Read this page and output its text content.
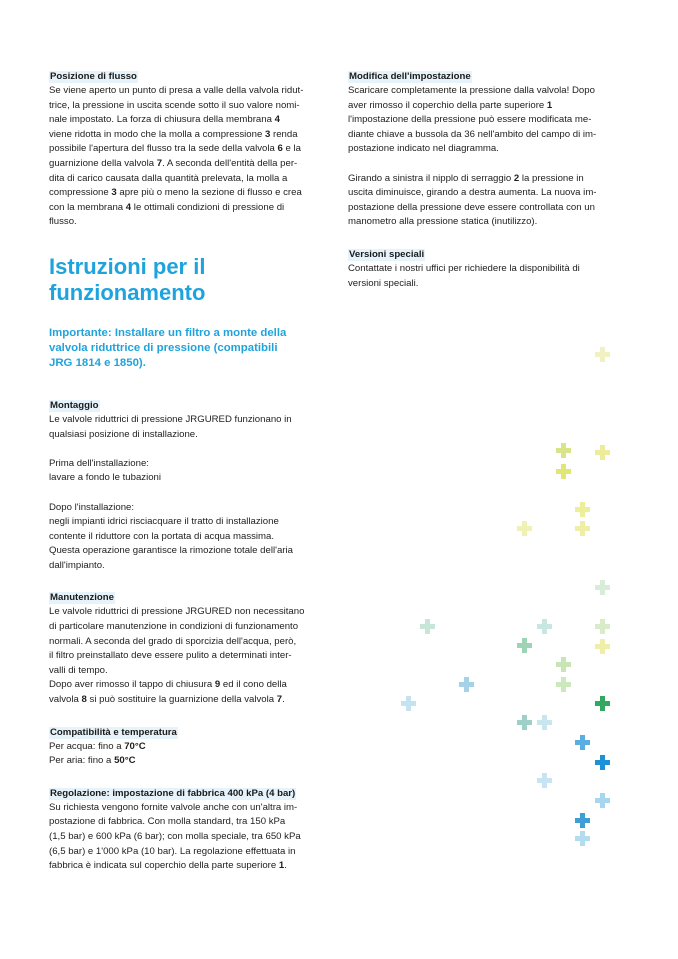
Posizione di flusso

Se viene aperto un punto di presa a valle della valvola ridut-

trice, la pressione in uscita scende sotto il suo valore nomi-

nale impostato. La forza di chiusura della membrana 4

viene ridotta in modo che la molla a compressione 3 renda

possibile l'apertura del flusso tra la sede della valvola 6 e la

guarnizione della valvola 7. A seconda dell'entità della per-

dita di carico causata dalla quantità prelevata, la molla a

compressione 3 apre più o meno la sezione di flusso e crea

con la membrana 4 le ottimali condizioni di pressione di

flusso.

Istruzioni per il
funzionamento
Importante: Installare un filtro a monte della
valvola riduttrice di pressione (compatibili
JRG 1814 e 1850).
Montaggio

Le valvole riduttrici di pressione JRGURED funzionano in

qualsiasi posizione di installazione.

Prima dell'installazione:

lavare a fondo le tubazioni

Dopo l'installazione:

negli impianti idrici risciacquare il tratto di installazione

contente il riduttore con la portata di acqua massima.

Questa operazione garantisce la rimozione totale dell'aria

dall'impianto.

Manutenzione

Le valvole riduttrici di pressione JRGURED non necessitano

di particolare manutenzione in condizioni di funzionamento

normali. A seconda del grado di sporcizia dell'acqua, però,

il filtro preinstallato deve essere pulito a determinati inter-

valli di tempo.

Dopo aver rimosso il tappo di chiusura 9 ed il cono della

valvola 8 si può sostituire la guarnizione della valvola 7.

Compatibilità e temperatura

Per acqua: fino a 70°C

Per aria: fino a 50°C

Regolazione: impostazione di fabbrica 400 kPa (4 bar)

Su richiesta vengono fornite valvole anche con un'altra im-

postazione di fabbrica. Con molla standard, tra 150 kPa

(1,5 bar) e 600 kPa (6 bar); con molla speciale, tra 650 kPa

(6,5 bar) e 1'000 kPa (10 bar). La regolazione effettuata in

fabbrica è indicata sul coperchio della parte superiore 1.

Modifica dell'impostazione

Scaricare completamente la pressione dalla valvola! Dopo

aver rimosso il coperchio della parte superiore 1

l'impostazione della pressione può essere modificata me-

diante chiave a bussola da 36 nell'ambito del campo di im-

postazione indicato nel diagramma.

Girando a sinistra il nipplo di serraggio 2 la pressione in

uscita diminuisce, girando a destra aumenta. La nuova im-

postazione della pressione deve essere controllata con un

manometro alla pressione statica (inutilizzo).

Versioni speciali

Contattate i nostri uffici per richiedere la disponibilità di

versioni speciali.
